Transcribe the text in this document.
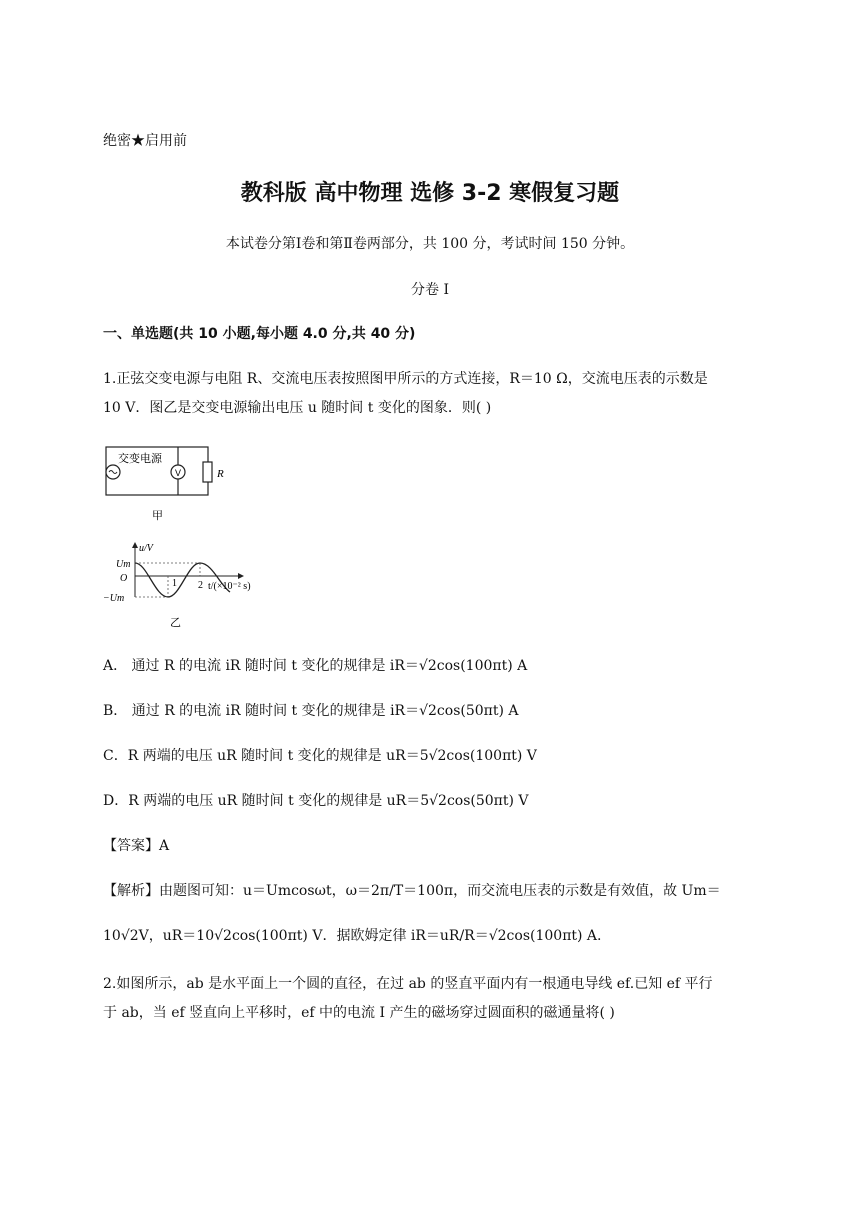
绝密★启用前
教科版 高中物理 选修 3-2 寒假复习题
本试卷分第Ⅰ卷和第Ⅱ卷两部分，共 100 分，考试时间 150 分钟。
分卷 I
一、单选题(共 10 小题,每小题 4.0 分,共 40 分)
1.正弦交变电源与电阻 R、交流电压表按照图甲所示的方式连接，R＝10 Ω，交流电压表的示数是
10 V．图乙是交变电源输出电压 u 随时间 t 变化的图象．则( )
V	R
交变电源
甲
u/V
Um
O
−Um
1 2 t/(×10⁻² s)
乙
A． 通过 R 的电流 iR 随时间 t 变化的规律是 iR＝√2cos(100πt) A
B． 通过 R 的电流 iR 随时间 t 变化的规律是 iR＝√2cos(50πt) A
C．R 两端的电压 uR 随时间 t 变化的规律是 uR＝5√2cos(100πt) V
D．R 两端的电压 uR 随时间 t 变化的规律是 uR＝5√2cos(50πt) V
【答案】A
【解析】由题图可知：u＝Umcosωt，ω＝2π/T＝100π，而交流电压表的示数是有效值，故 Um＝
10√2V，uR＝10√2cos(100πt) V．据欧姆定律 iR＝uR/R＝√2cos(100πt) A.
2.如图所示，ab 是水平面上一个圆的直径，在过 ab 的竖直平面内有一根通电导线 ef.已知 ef 平行
于 ab，当 ef 竖直向上平移时，ef 中的电流 I 产生的磁场穿过圆面积的磁通量将( )
